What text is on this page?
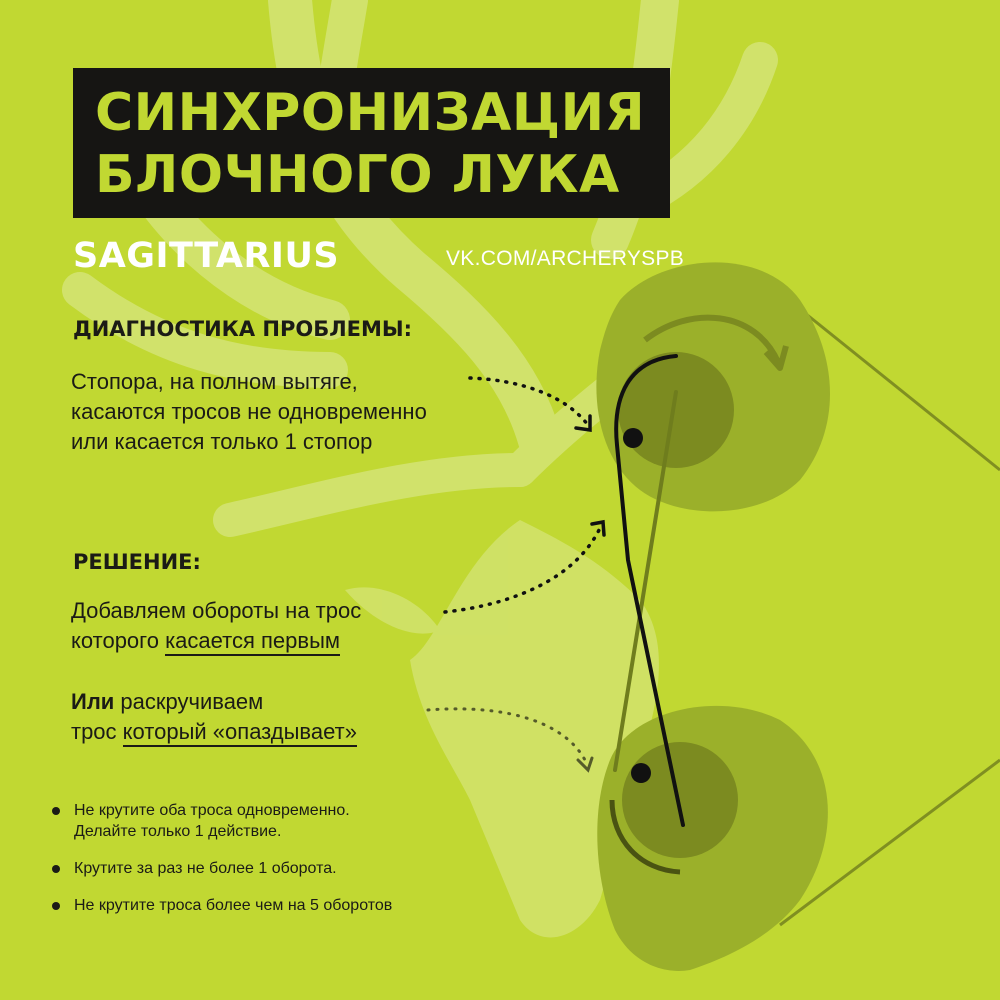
СИНХРОНИЗАЦИЯ
БЛОЧНОГО ЛУКА
SAGITTARIUS	VK.COM/ARCHERYSPB
ДИАГНОСТИКА ПРОБЛЕМЫ:
Стопора, на полном вытяге,
касаются тросов не одновременно
или касается только 1 стопор
РЕШЕНИЕ:
Добавляем обороты на трос
которого касается первым
Или раскручиваем
трос который «опаздывает»
Не крутите оба троса одновременно.
Делайте только 1 действие.
Крутите за раз не более 1 оборота.
Не крутите троса более чем на 5 оборотов
